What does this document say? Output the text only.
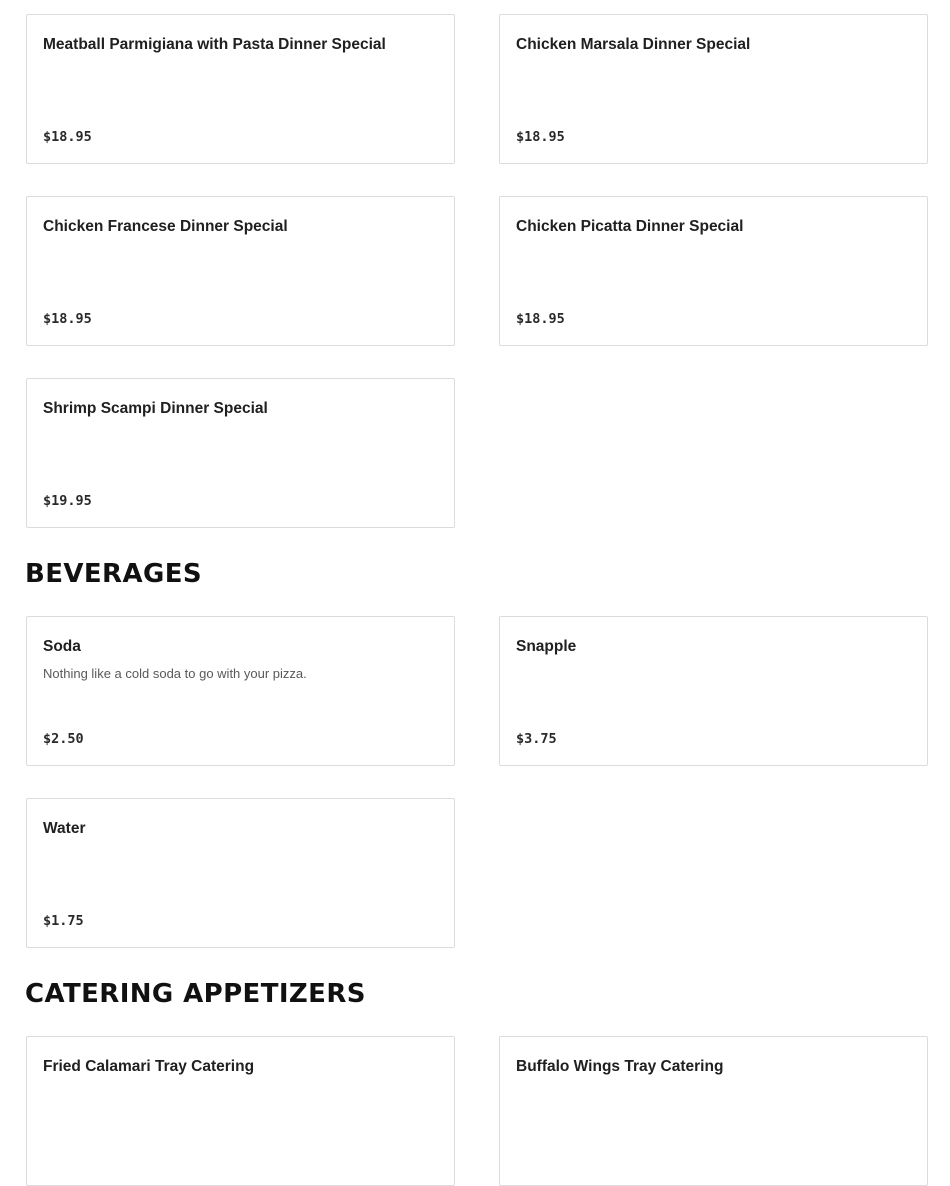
Meatball Parmigiana with Pasta Dinner Special
$18.95
Chicken Marsala Dinner Special
$18.95
Chicken Francese Dinner Special
$18.95
Chicken Picatta Dinner Special
$18.95
Shrimp Scampi Dinner Special
$19.95
BEVERAGES
Soda
Nothing like a cold soda to go with your pizza.
$2.50
Snapple
$3.75
Water
$1.75
CATERING APPETIZERS
Fried Calamari Tray Catering	Buffalo Wings Tray Catering
